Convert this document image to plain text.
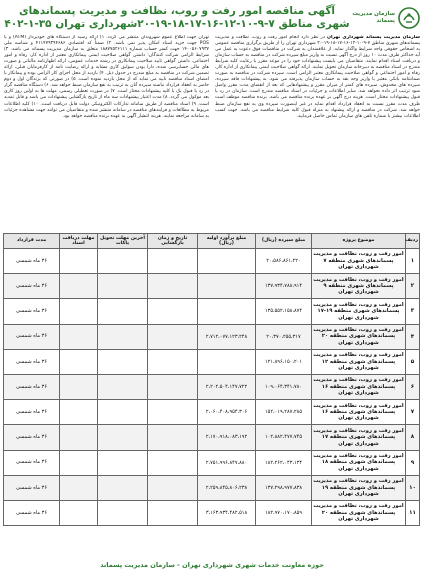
سازمان مدیریت
پسماند
آگهی مناقصه امور رفت و روب، نظافت و مدیریت پسماندهای
شهری مناطق ۷-۹-۱۰-۱۲-۱۶-۱۷-۱۸-۱۹-۲۰شهرداری تهران ۳۵-۱-۴۰۲
سازمان مدیریت پسماند شهرداری تهران در نظر دارد انجام امور رفت و روب، نظافت و مدیریت پسماندهای شهری مناطق ۷-۹-۱۰-۱۲-۱۶-۱۷-۱۸-۱۹-۲۰ شهرداری تهران را از طریق برگزاری مناقصه عمومی به اشخاص حقوقی واجد شرایط واگذار نماید. از علاقمندان به شرکت در مناقصات فوق دعوت به عمل می آید حداکثر ظرف مدت ۱۰ روز از درج آگهی نسبت به واریز مبلغ سپرده شرکت در مناقصه به حساب سازمان و دریافت اسناد اقدام نمایند. متقاضیان می بایست پیشنهادات خود را در موعد مقرر با رعایت کلیه شرایط مندرج در اسناد مناقصه به دبیرخانه سازمان تحویل نمایند. ارائه گواهی صلاحیت ایمنی پیمانکاری از اداره کار، رفاه و امور اجتماعی و گواهی صلاحیت پیمانکاری معتبر الزامی است. سپرده شرکت در مناقصه به صورت ضمانتنامه بانکی معتبر یا واریز وجه نقد به حساب سازمان پذیرفته می شود. به پیشنهادات فاقد سپرده، سپرده های مخدوش، سپرده های کمتر از میزان مقرر و پیشنهادهایی که بعد از انقضای مدت مقرر واصل شود ترتیب اثر داده نخواهد شد. سایر اطلاعات و جزئیات در اسناد مناقصه مندرج است. سازمان در رد یا قبول پیشنهادات مختار است. هزینه درج آگهی بر عهده برنده مناقصه می باشد. برنده مناقصه موظف است ظرف مدت مقرر نسبت به انعقاد قرارداد اقدام نماید در غیر اینصورت سپرده وی به نفع سازمان ضبط خواهد شد. شرکت در مناقصه و ارائه پیشنهاد به منزله قبول کلیه شرایط مناقصه می باشد. جهت کسب اطلاعات بیشتر با شماره تلفن های سازمان تماس حاصل فرمایید.
تهران جهت اطلاع عموم شهروندان منتشر می گردد. ۱) ارائه رسید از دستگاه های خودپرداز (ATM) و یا POS جهت خرید اسناد امکان پذیر نمی باشد. ۲) ضمناً کد اقتصادی ۴۱۱۴۷۹۳۹۴۶۸۶ و شناسه ملی ۱۴۰۰۵۶۰۷۹۳۷ جهت کسر حساب شماره ۱۸۸۷۷۵۲۶۱۱۱ متعلق به سازمان مدیریت پسماند می باشد. ۳) شرایط الزامی شرکت کنندگان: داشتن گواهی صلاحیت ایمنی پیمانکاری معتبر از اداره کار، رفاه و امور اجتماعی، داشتن گواهی تایید صلاحیت پیمانکاری در رشته خدمات عمومی، ارائه اظهارنامه مالیاتی و صورت های مالی حسابرسی شده، دارا بودن سوابق کاری مشابه و ارائه رضایت نامه از کارفرمایان قبلی، ارائه تضمین شرکت در مناقصه به مبلغ مندرج در جدول ذیل. ۴) بازدید از محل اجرای کار الزامی بوده و پیمانکار با امضای اسناد مناقصه تایید می نماید که از محل بازدید نموده است. ۵) در صورتی که برندگان اول و دوم حاضر به انعقاد قرارداد نباشند سپرده آنان به ترتیب به نفع سازمان ضبط خواهد شد. ۶) دستگاه مناقصه گزار در رد یا قبول یک یا کلیه پیشنهادات مختار است. ۷) در صورت تعطیلی رسمی، مهلت ها به اولین روز کاری بعد موکول می گردد. ۸) مدت اعتبار پیشنهادات سه ماه از تاریخ بازگشایی پیشنهادات می باشد و قابل تمدید است. ۹) اسناد مناقصه از طریق سامانه تدارکات الکترونیکی دولت قابل دریافت است. ۱۰) کلیه اطلاعات مربوط به مطالعات و فرایندهای مناقصه در سامانه منتشر شده و متقاضیان می توانند جهت مشاهده جزئیات به سامانه مراجعه نمایند. هزینه انتشار آگهی به عهده برنده مناقصه خواهد بود.
ردیف	موضوع پروژه	مبلغ سپرده (ریال)	مبلغ برآورد اولیه (ریال)	تاریخ و زمان بازگشایی	آخرین مهلت تحویل پاکات	مهلت دریافت اسناد	مدت قرارداد
۱	امور رفت و روب، نظافت و مدیریت پسماندهای شهری منطقه ۷ شهرداری تهران	۲۰،۵۸۶،۸۶۱،۲۲۰					۳۶ ماه شمسی
۲	امور رفت و روب، نظافت و مدیریت پسماندهای شهری منطقه ۹ شهرداری تهران	۱۳۷،۹۳۴،۷۸۸،۹۱۴					۳۶ ماه شمسی
۳	امور رفت و روب، نظافت و مدیریت پسماندهای شهری منطقه ۱۹-۱۷ شهرداری تهران	۱۳۵،۵۵۲،۱۵۸،۸۷۴					۳۶ ماه شمسی
۴	امور رفت و روب، نظافت و مدیریت پسماندهای شهری منطقه ۲۰ شهرداری تهران	۲۰،۳۷۰،۲۵۵،۳۱۷	۲،۷۱۲،۰۷۷،۱۲۳،۲۴۸				۳۶ ماه شمسی
۵	امور رفت و روب، نظافت و مدیریت پسماندهای شهری منطقه ۱۲ شهرداری تهران	۱۲۱،۸۹۶،۱۵۰،۲۰۱					۳۶ ماه شمسی
۶	امور رفت و روب، نظافت و مدیریت پسماندهای شهری منطقه ۱۶ شهرداری تهران	۱۰۹،۰۶۴،۳۴۱،۷۸۰	۲،۲۰۲،۵۰۴،۱۴۷،۷۲۲				۳۶ ماه شمسی
۷	امور رفت و روب، نظافت و مدیریت پسماندهای شهری منطقه ۱۶ شهرداری تهران	۱۵۲،۰۱۹،۲۸۷،۲۸۵	۲،۰۶۰،۴۰۸،۹۵۴،۳۰۶				۳۶ ماه شمسی
۸	امور رفت و روب، نظافت و مدیریت پسماندهای شهری منطقه ۱۷ شهرداری تهران	۱۰۲،۸۸۲،۴۷۷،۷۴۵	۲،۱۷۰،۹۱۸،۰۸۳،۱۹۲				۳۶ ماه شمسی
۹	امور رفت و روب، نظافت و مدیریت پسماندهای شهری منطقه ۱۸ شهرداری تهران	۱۸۲،۲۶۲،۰۴۳،۱۳۴	۲،۷۵۱،۹۹۶،۸۴۷،۸۸۰				۳۶ ماه شمسی
۱۰	امور رفت و روب، نظافت و مدیریت پسماندهای شهری منطقه ۱۹ شهرداری تهران	۱۳۷،۲۹۸،۹۷۷،۸۳۸	۲،۲۵۹،۸۴۵،۸۰۶،۲۳۸				۳۶ ماه شمسی
۱۱	امور رفت و روب، نظافت و مدیریت پسماندهای شهری منطقه ۲۰ شهرداری تهران	۱۸۲،۹۷۰،۱۷۰،۸۵۹	۳،۱۶۳،۹۳۴،۴۸۲،۵۱۸				۳۶ ماه شمسی
حوزه معاونت خدمات شهری شهرداری تهران - سازمان مدیریت پسماند
